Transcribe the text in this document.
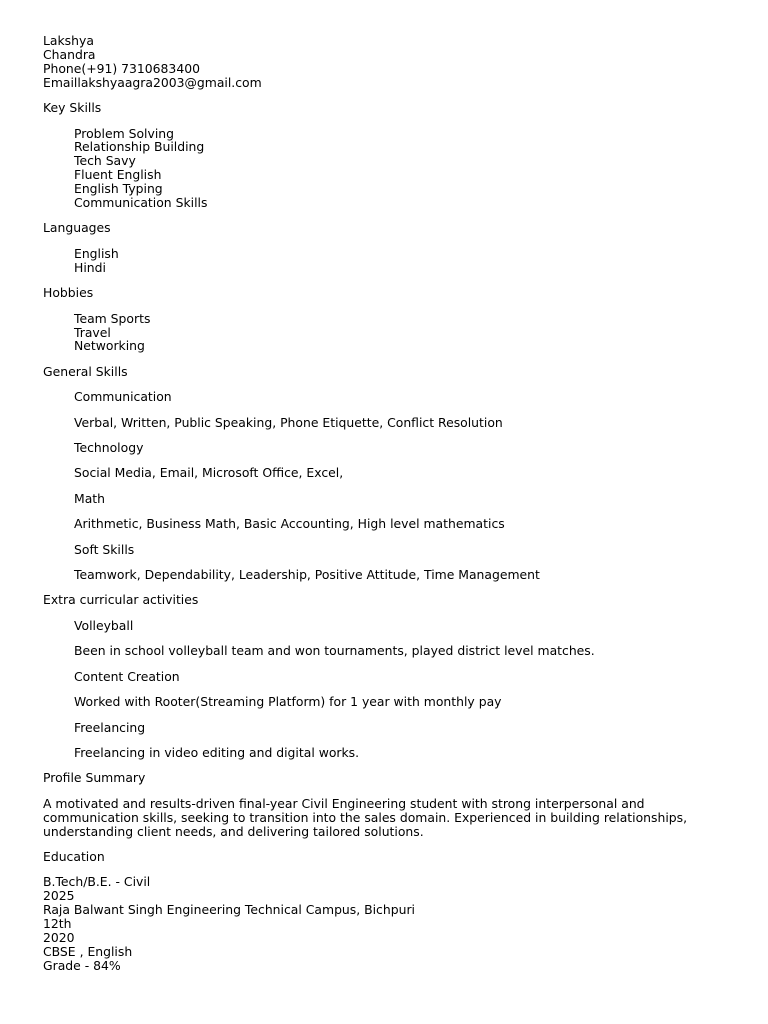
Lakshya
Chandra
Phone(+91) 7310683400
Emaillakshyaagra2003@gmail.com
Key Skills
Problem Solving
Relationship Building
Tech Savy
Fluent English
English Typing
Communication Skills
Languages
English
Hindi
Hobbies
Team Sports
Travel
Networking
General Skills
Communication
Verbal, Written, Public Speaking, Phone Etiquette, Conflict Resolution
Technology
Social Media, Email, Microsoft Office, Excel,
Math
Arithmetic, Business Math, Basic Accounting, High level mathematics
Soft Skills
Teamwork, Dependability, Leadership, Positive Attitude, Time Management
Extra curricular activities
Volleyball
Been in school volleyball team and won tournaments, played district level matches.
Content Creation
Worked with Rooter(Streaming Platform) for 1 year with monthly pay
Freelancing
Freelancing in video editing and digital works.
Profile Summary
A motivated and results-driven final-year Civil Engineering student with strong interpersonal and
communication skills, seeking to transition into the sales domain. Experienced in building relationships,
understanding client needs, and delivering tailored solutions.
Education
B.Tech/B.E. - Civil
2025
Raja Balwant Singh Engineering Technical Campus, Bichpuri
12th
2020
CBSE , English
Grade - 84%
